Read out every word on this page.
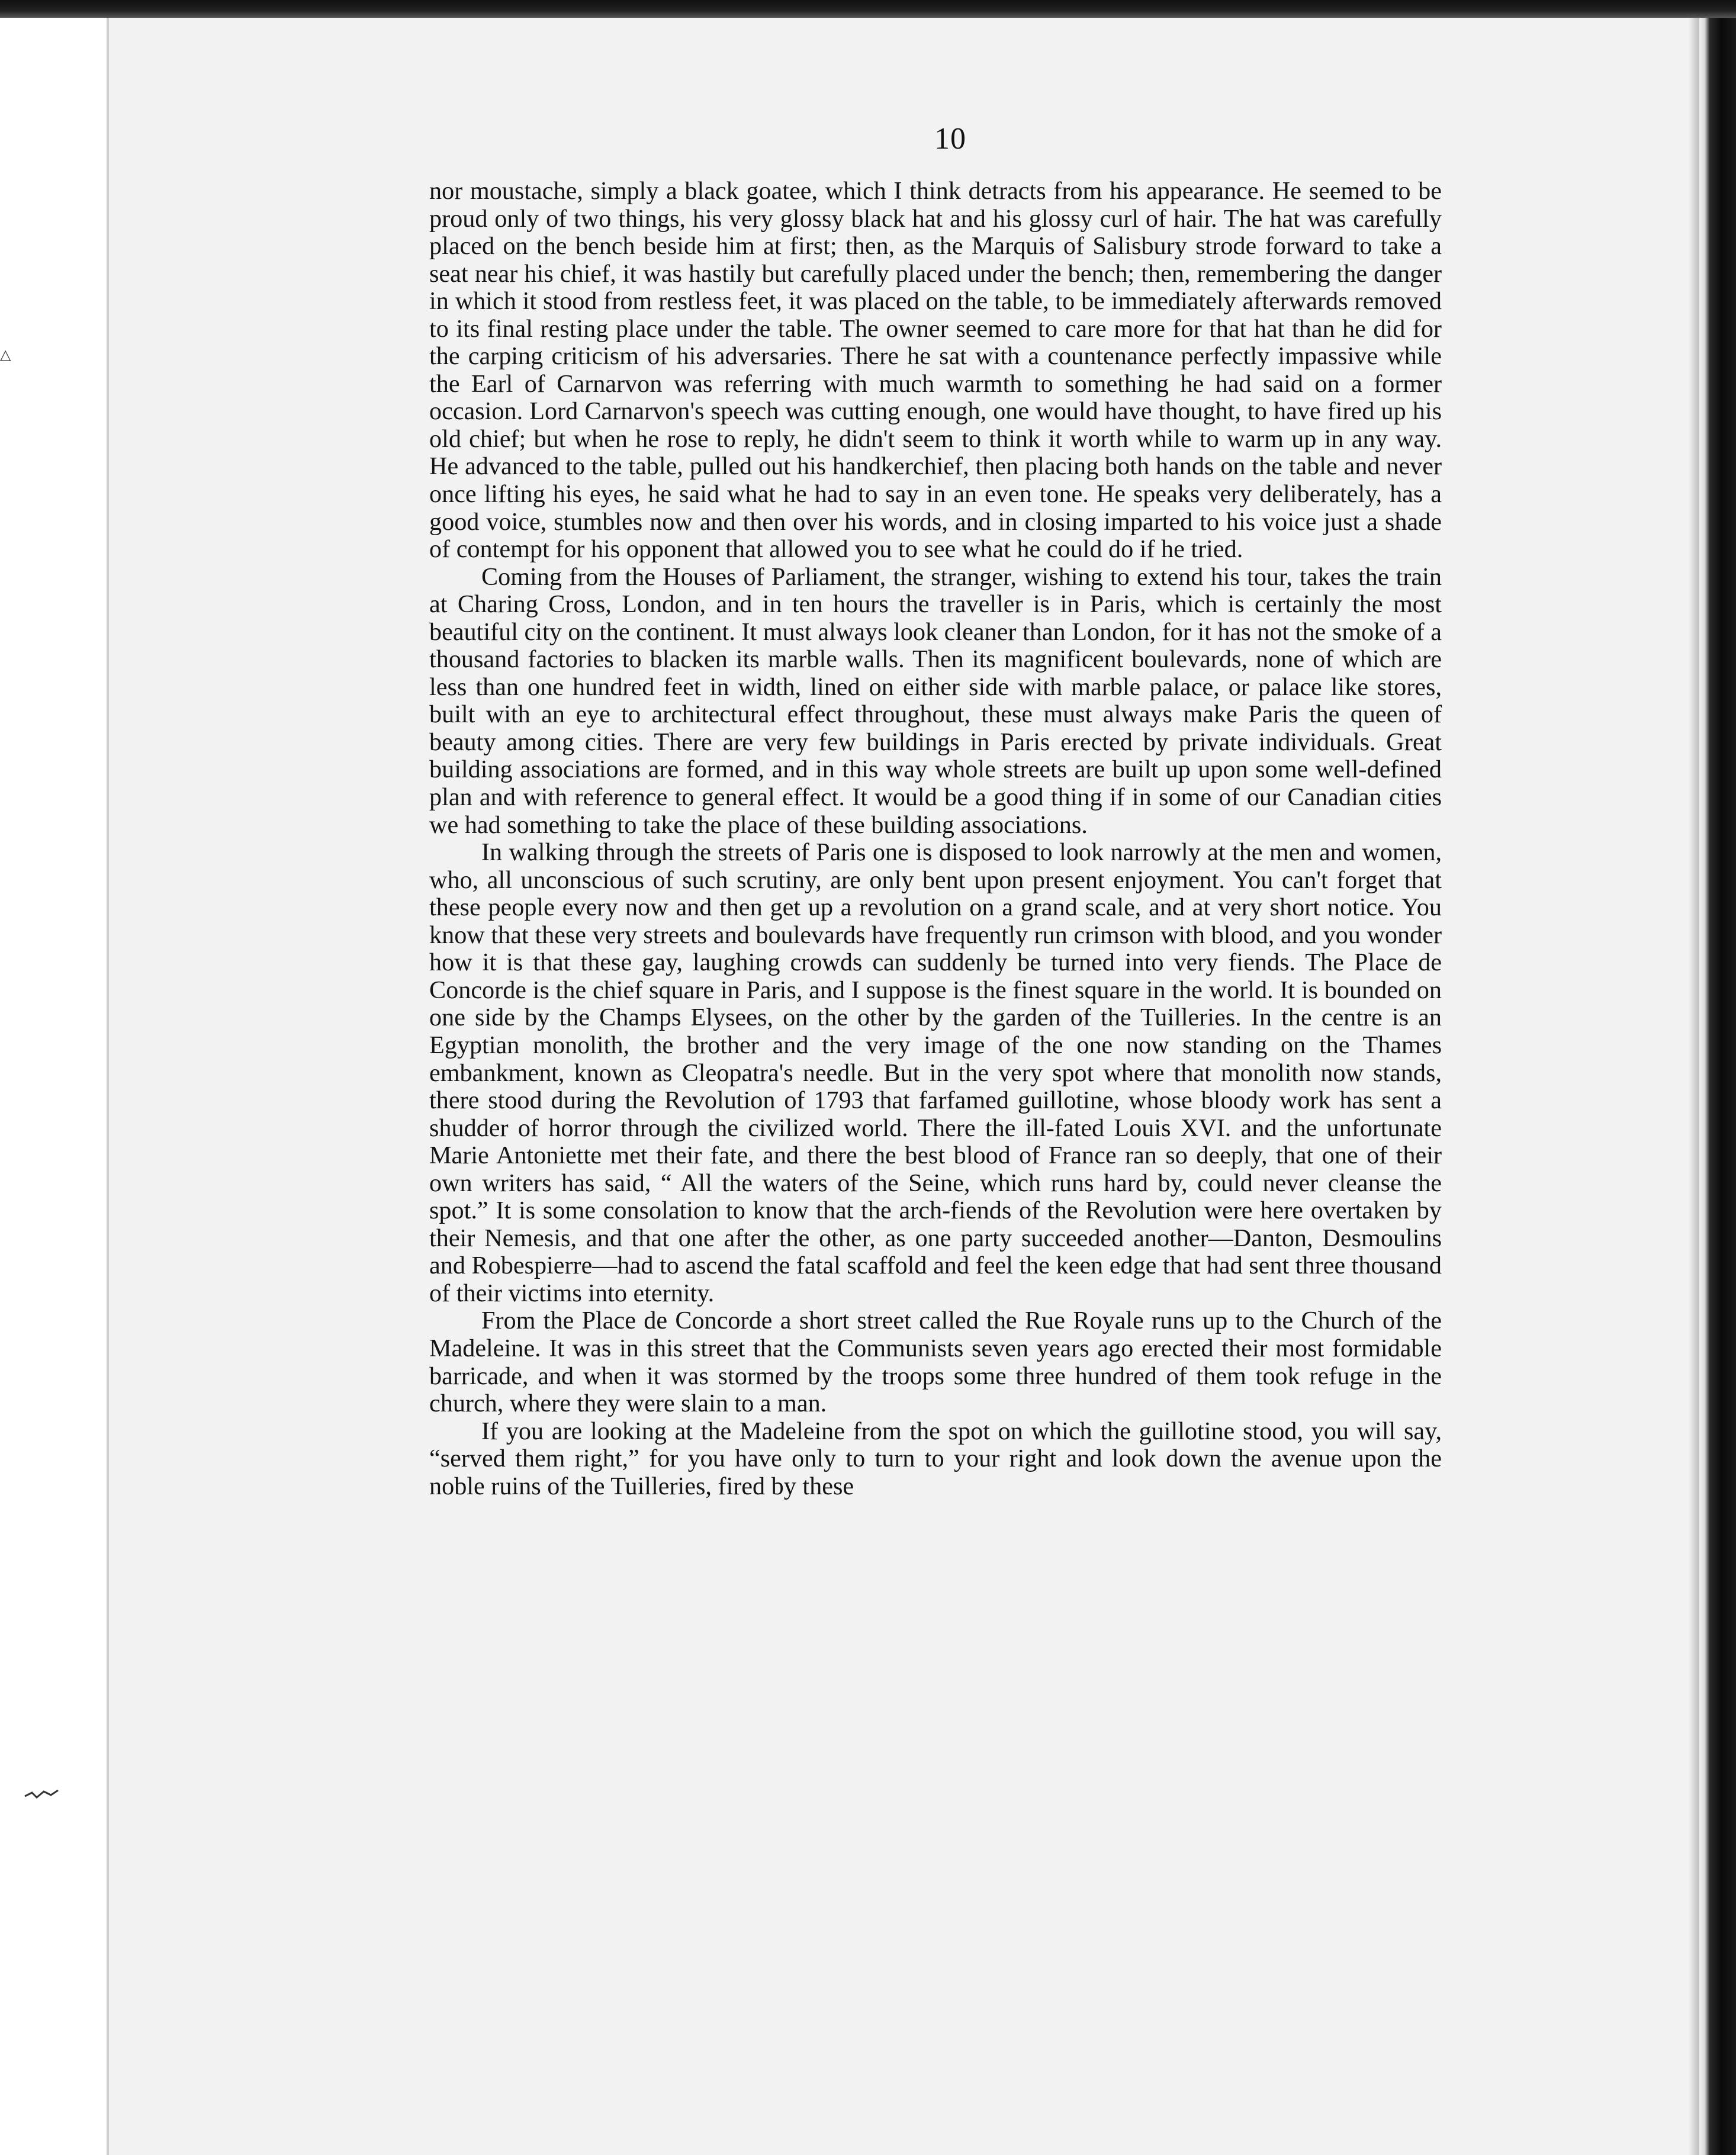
△
10

nor moustache, simply a black goatee, which I think detracts from his appearance. He seemed to be proud only of two things, his very glossy black hat and his glossy curl of hair. The hat was carefully placed on the bench beside him at first; then, as the Marquis of Salisbury strode forward to take a seat near his chief, it was hastily but carefully placed under the bench; then, remembering the danger in which it stood from restless feet, it was placed on the table, to be immediately afterwards removed to its final resting place under the table. The owner seemed to care more for that hat than he did for the carping criticism of his adversaries. There he sat with a countenance perfectly impassive while the Earl of Carnarvon was referring with much warmth to something he had said on a former occasion. Lord Carnarvon's speech was cutting enough, one would have thought, to have fired up his old chief; but when he rose to reply, he didn't seem to think it worth while to warm up in any way. He advanced to the table, pulled out his handkerchief, then placing both hands on the table and never once lifting his eyes, he said what he had to say in an even tone. He speaks very deliberately, has a good voice, stumbles now and then over his words, and in closing imparted to his voice just a shade of contempt for his opponent that allowed you to see what he could do if he tried.

Coming from the Houses of Parliament, the stranger, wishing to extend his tour, takes the train at Charing Cross, London, and in ten hours the traveller is in Paris, which is certainly the most beautiful city on the continent. It must always look cleaner than London, for it has not the smoke of a thousand factories to blacken its marble walls. Then its magnificent boulevards, none of which are less than one hundred feet in width, lined on either side with marble palace, or palace like stores, built with an eye to architectural effect throughout, these must always make Paris the queen of beauty among cities. There are very few buildings in Paris erected by private individuals. Great building associations are formed, and in this way whole streets are built up upon some well-defined plan and with reference to general effect. It would be a good thing if in some of our Canadian cities we had something to take the place of these building associations.

In walking through the streets of Paris one is disposed to look narrowly at the men and women, who, all unconscious of such scrutiny, are only bent upon present enjoyment. You can't forget that these people every now and then get up a revolution on a grand scale, and at very short notice. You know that these very streets and boulevards have frequently run crimson with blood, and you wonder how it is that these gay, laughing crowds can suddenly be turned into very fiends. The Place de Concorde is the chief square in Paris, and I suppose is the finest square in the world. It is bounded on one side by the Champs Elysees, on the other by the garden of the Tuilleries. In the centre is an Egyptian monolith, the brother and the very image of the one now standing on the Thames embankment, known as Cleopatra's needle. But in the very spot where that monolith now stands, there stood during the Revolution of 1793 that farfamed guillotine, whose bloody work has sent a shudder of horror through the civilized world. There the ill-fated Louis XVI. and the unfortunate Marie Antoniette met their fate, and there the best blood of France ran so deeply, that one of their own writers has said, “ All the waters of the Seine, which runs hard by, could never cleanse the spot.” It is some consolation to know that the arch-fiends of the Revolution were here overtaken by their Nemesis, and that one after the other, as one party succeeded another—Danton, Desmoulins and Robespierre—had to ascend the fatal scaffold and feel the keen edge that had sent three thousand of their victims into eternity.

From the Place de Concorde a short street called the Rue Royale runs up to the Church of the Madeleine. It was in this street that the Communists seven years ago erected their most formidable barricade, and when it was stormed by the troops some three hundred of them took refuge in the church, where they were slain to a man.

If you are looking at the Madeleine from the spot on which the guillotine stood, you will say, “served them right,” for you have only to turn to your right and look down the avenue upon the noble ruins of the Tuilleries, fired by these
